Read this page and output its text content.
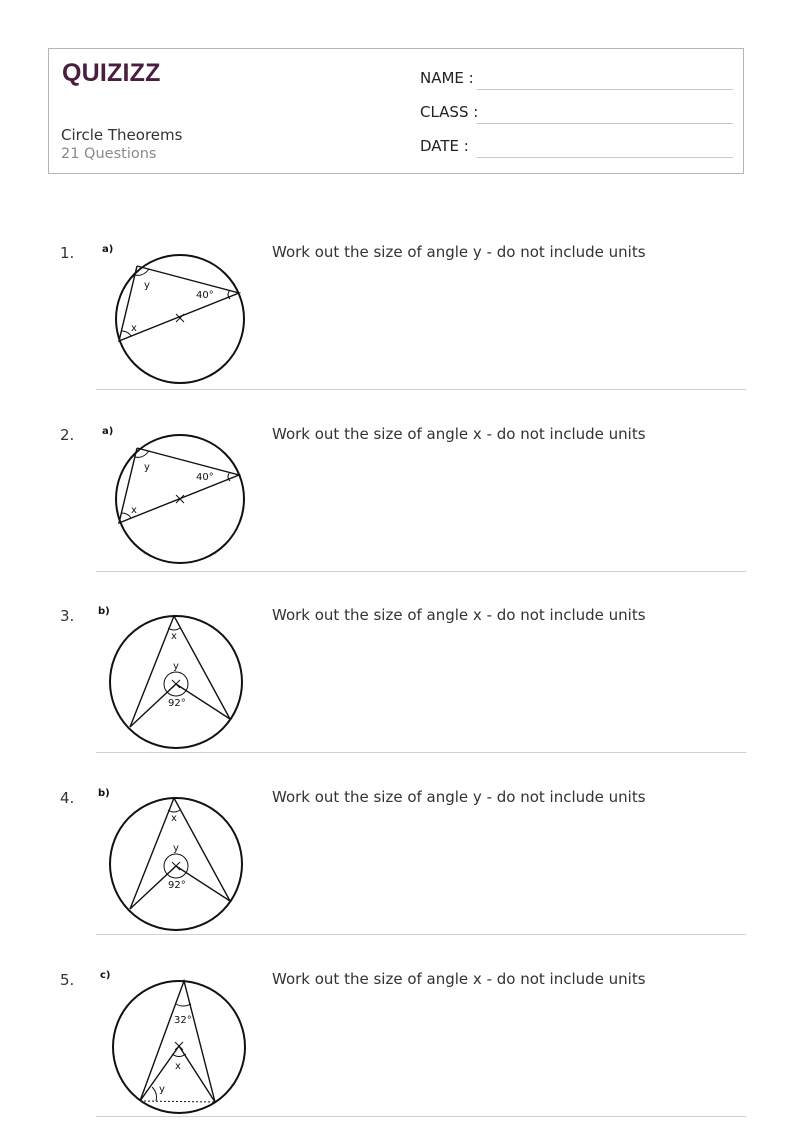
QUIZIZZ
Circle Theorems
21 Questions
NAME :
CLASS :
DATE :
1.	a)
y
40°
x
Work out the size of angle y - do not include units
2.	a)
y
40°
x
Work out the size of angle x - do not include units
3. b)
x
y
92°
Work out the size of angle x - do not include units
4. b)
x
y
92°
Work out the size of angle y - do not include units
5.	c)
32°
x
y
Work out the size of angle x - do not include units
